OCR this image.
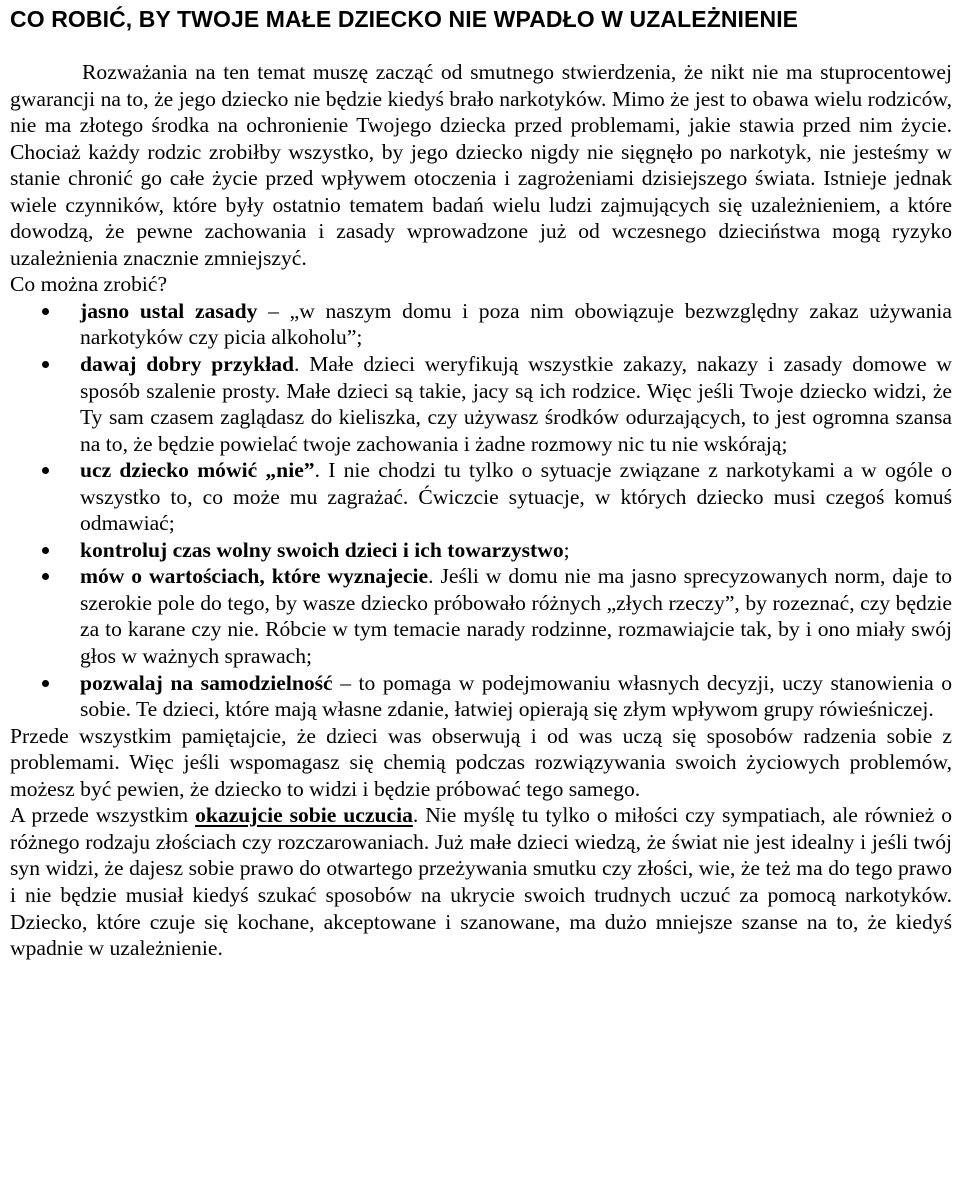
CO ROBIĆ, BY TWOJE MAŁE DZIECKO NIE WPADŁO W UZALEŻNIENIE

Rozważania na ten temat muszę zacząć od smutnego stwierdzenia, że nikt nie ma stuprocentowej gwarancji na to, że jego dziecko nie będzie kiedyś brało narkotyków. Mimo że jest to obawa wielu rodziców, nie ma złotego środka na ochronienie Twojego dziecka przed problemami, jakie stawia przed nim życie. Chociaż każdy rodzic zrobiłby wszystko, by jego dziecko nigdy nie sięgnęło po narkotyk, nie jesteśmy w stanie chronić go całe życie przed wpływem otoczenia i zagrożeniami dzisiejszego świata. Istnieje jednak wiele czynników, które były ostatnio tematem badań wielu ludzi zajmujących się uzależnieniem, a które dowodzą, że pewne zachowania i zasady wprowadzone już od wczesnego dzieciństwa mogą ryzyko uzależnienia znacznie zmniejszyć.

Co można zrobić?

jasno ustal zasady – „w naszym domu i poza nim obowiązuje bezwzględny zakaz używania narkotyków czy picia alkoholu”;
dawaj dobry przykład. Małe dzieci weryfikują wszystkie zakazy, nakazy i zasady domowe w sposób szalenie prosty. Małe dzieci są takie, jacy są ich rodzice. Więc jeśli Twoje dziecko widzi, że Ty sam czasem zaglądasz do kieliszka, czy używasz środków odurzających, to jest ogromna szansa na to, że będzie powielać twoje zachowania i żadne rozmowy nic tu nie wskórają;
ucz dziecko mówić „nie”. I nie chodzi tu tylko o sytuacje związane z narkotykami a w ogóle o wszystko to, co może mu zagrażać. Ćwiczcie sytuacje, w których dziecko musi czegoś komuś odmawiać;
kontroluj czas wolny swoich dzieci i ich towarzystwo;
mów o wartościach, które wyznajecie. Jeśli w domu nie ma jasno sprecyzowanych norm, daje to szerokie pole do tego, by wasze dziecko próbowało różnych „złych rzeczy”, by rozeznać, czy będzie za to karane czy nie. Róbcie w tym temacie narady rodzinne, rozmawiajcie tak, by i ono miały swój głos w ważnych sprawach;
pozwalaj na samodzielność – to pomaga w podejmowaniu własnych decyzji, uczy stanowienia o sobie. Te dzieci, które mają własne zdanie, łatwiej opierają się złym wpływom grupy rówieśniczej.

Przede wszystkim pamiętajcie, że dzieci was obserwują i od was uczą się sposobów radzenia sobie z problemami. Więc jeśli wspomagasz się chemią podczas rozwiązywania swoich życiowych problemów, możesz być pewien, że dziecko to widzi i będzie próbować tego samego.

A przede wszystkim okazujcie sobie uczucia. Nie myślę tu tylko o miłości czy sympatiach, ale również o różnego rodzaju złościach czy rozczarowaniach. Już małe dzieci wiedzą, że świat nie jest idealny i jeśli twój syn widzi, że dajesz sobie prawo do otwartego przeżywania smutku czy złości, wie, że też ma do tego prawo i nie będzie musiał kiedyś szukać sposobów na ukrycie swoich trudnych uczuć za pomocą narkotyków. Dziecko, które czuje się kochane, akceptowane i szanowane, ma dużo mniejsze szanse na to, że kiedyś wpadnie w uzależnienie.
